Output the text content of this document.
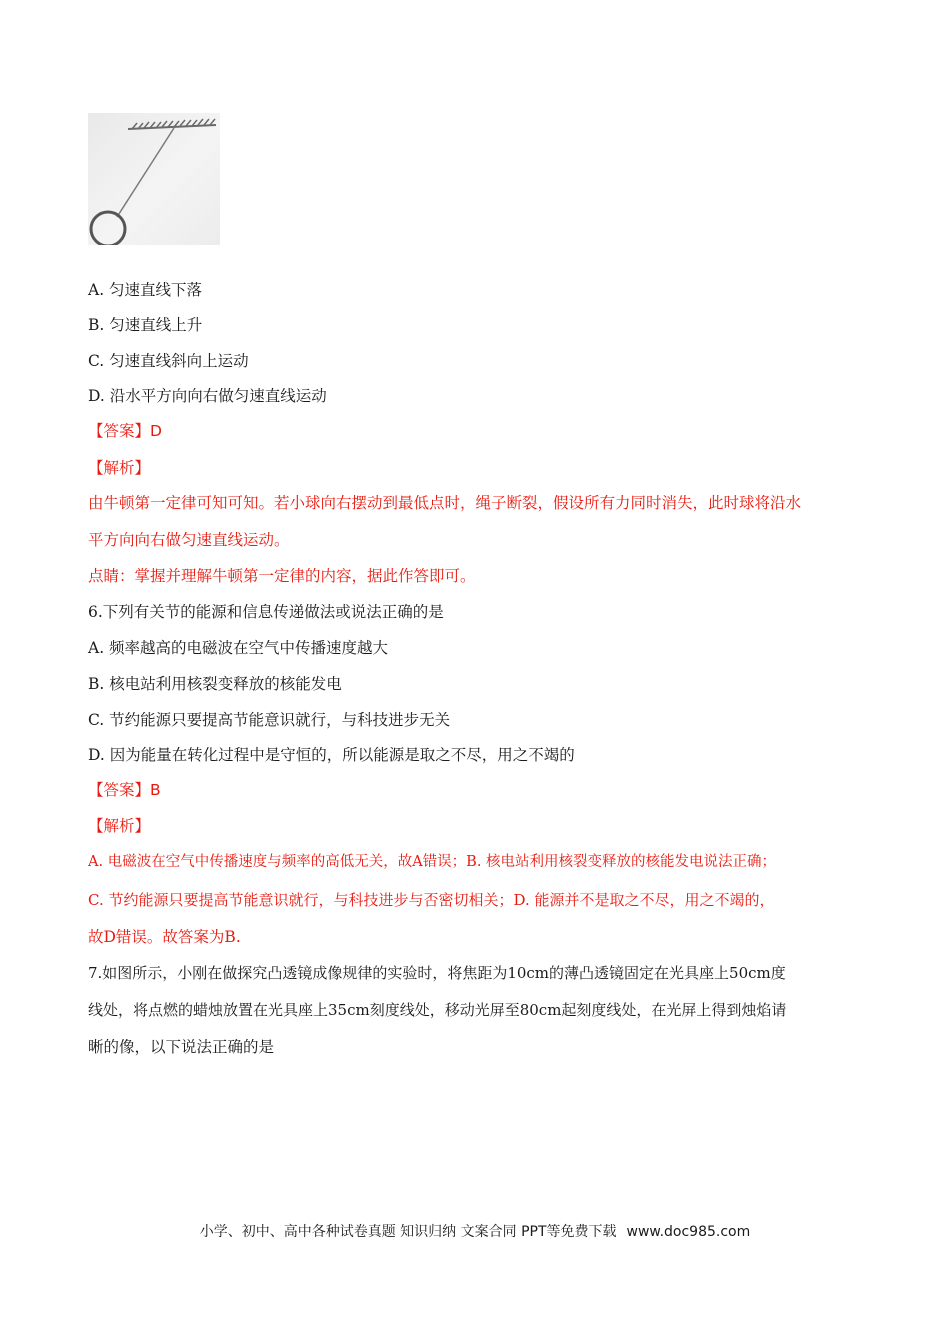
A. 匀速直线下落
B. 匀速直线上升
C. 匀速直线斜向上运动
D. 沿水平方向向右做匀速直线运动
【答案】D
【解析】
由牛顿第一定律可知可知。若小球向右摆动到最低点时，绳子断裂，假设所有力同时消失，此时球将沿水
平方向向右做匀速直线运动。
点睛：掌握并理解牛顿第一定律的内容，据此作答即可。
6.下列有关节的能源和信息传递做法或说法正确的是
A. 频率越高的电磁波在空气中传播速度越大
B. 核电站利用核裂变释放的核能发电
C. 节约能源只要提高节能意识就行，与科技进步无关
D. 因为能量在转化过程中是守恒的，所以能源是取之不尽，用之不竭的
【答案】B
【解析】
A. 电磁波在空气中传播速度与频率的高低无关，故A错误；B. 核电站利用核裂变释放的核能发电说法正确；
C. 节约能源只要提高节能意识就行，与科技进步与否密切相关；D. 能源并不是取之不尽，用之不竭的，
故D错误。故答案为B.
7.如图所示，小刚在做探究凸透镜成像规律的实验时，将焦距为10cm的薄凸透镜固定在光具座上50cm度
线处，将点燃的蜡烛放置在光具座上35cm刻度线处，移动光屏至80cm起刻度线处，在光屏上得到烛焰请
晰的像，以下说法正确的是
小学、初中、高中各种试卷真题 知识归纳 文案合同 PPT等免费下载 www.doc985.com
